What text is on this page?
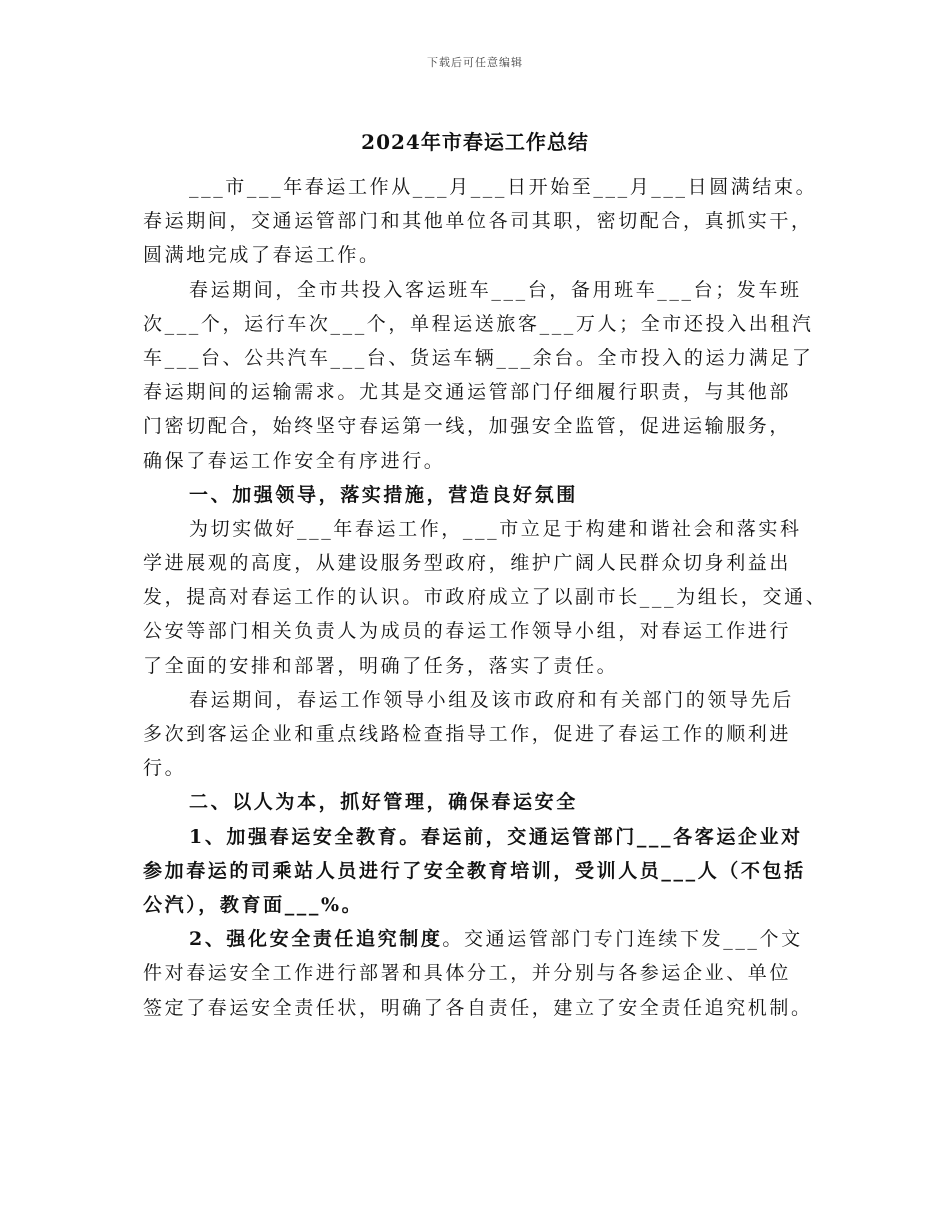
下载后可任意编辑
2024年市春运工作总结
___市___年春运工作从___月___日开始至___月___日圆满结束。
春运期间，交通运管部门和其他单位各司其职，密切配合，真抓实干，
圆满地完成了春运工作。
春运期间，全市共投入客运班车___台，备用班车___台；发车班
次___个，运行车次___个，单程运送旅客___万人；全市还投入出租汽
车___台、公共汽车___台、货运车辆___余台。全市投入的运力满足了
春运期间的运输需求。尤其是交通运管部门仔细履行职责，与其他部
门密切配合，始终坚守春运第一线，加强安全监管，促进运输服务，
确保了春运工作安全有序进行。
一、加强领导，落实措施，营造良好氛围
为切实做好___年春运工作，___市立足于构建和谐社会和落实科
学进展观的高度，从建设服务型政府，维护广阔人民群众切身利益出
发，提高对春运工作的认识。市政府成立了以副市长___为组长，交通、
公安等部门相关负责人为成员的春运工作领导小组，对春运工作进行
了全面的安排和部署，明确了任务，落实了责任。
春运期间，春运工作领导小组及该市政府和有关部门的领导先后
多次到客运企业和重点线路检查指导工作，促进了春运工作的顺利进
行。
二、以人为本，抓好管理，确保春运安全
1、加强春运安全教育。春运前，交通运管部门___各客运企业对
参加春运的司乘站人员进行了安全教育培训，受训人员___人（不包括
公汽），教育面___%。
2、强化安全责任追究制度。交通运管部门专门连续下发___个文
件对春运安全工作进行部署和具体分工，并分别与各参运企业、单位
签定了春运安全责任状，明确了各自责任，建立了安全责任追究机制。
